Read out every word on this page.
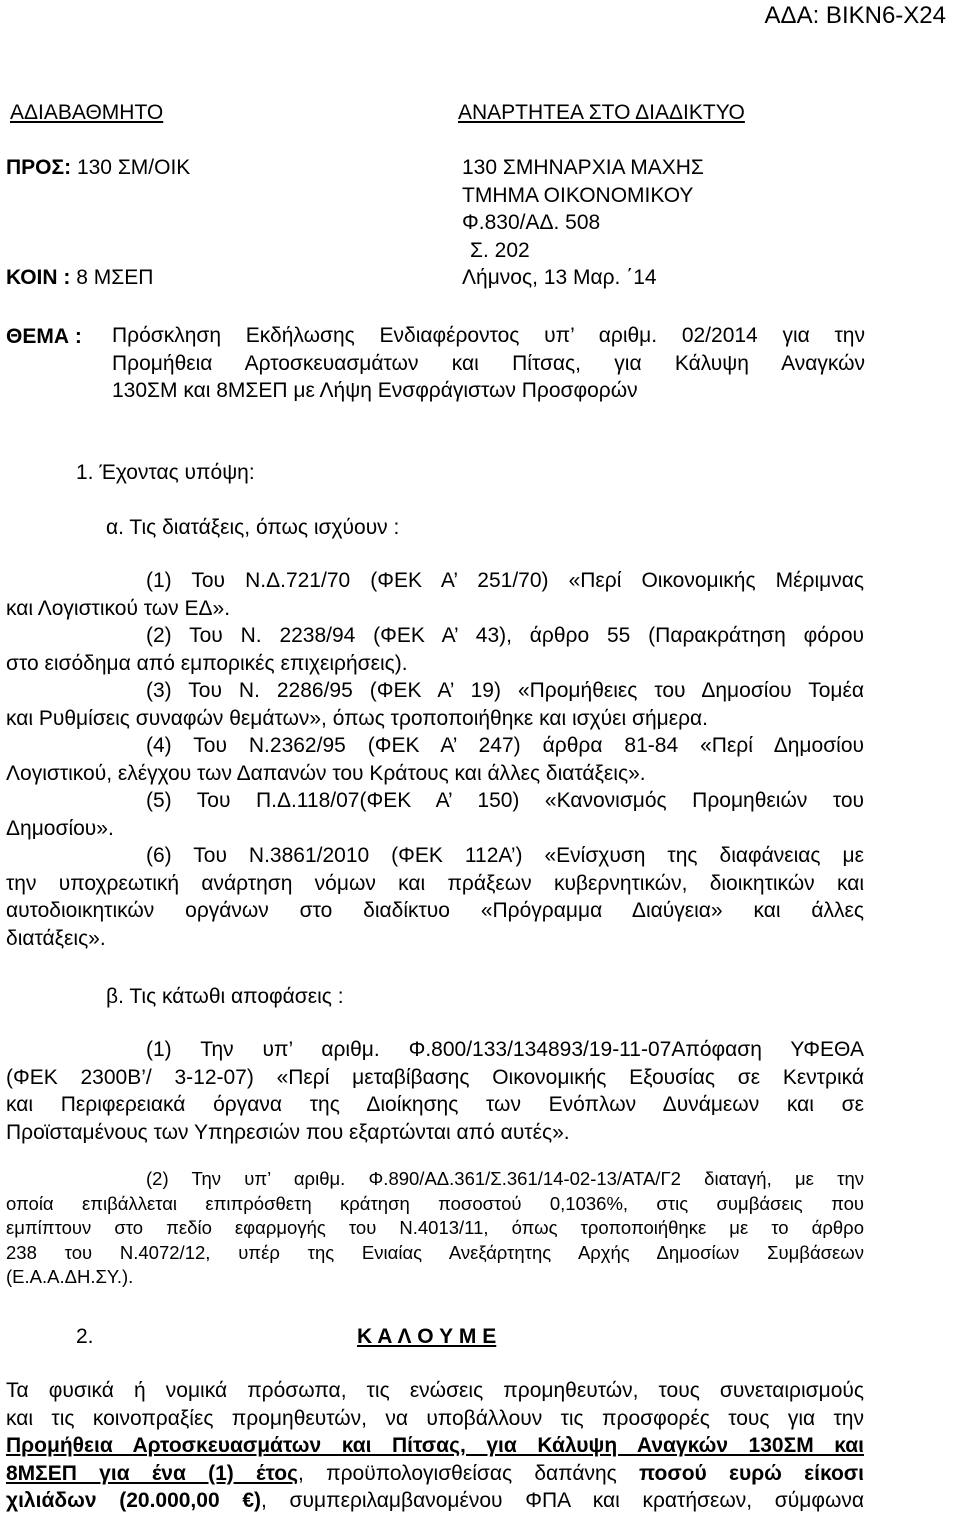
ΑΔΑ: ΒΙΚΝ6-Χ24
ΑΔΙΑΒΑΘΜΗΤΟ	ΑΝΑΡΤΗΤΕΑ ΣΤΟ ΔΙΑΔΙΚΤΥΟ
ΠΡΟΣ: 130 ΣΜ/ΟΙΚ	130 ΣΜΗΝΑΡΧΙΑ ΜΑΧΗΣ
ΤΜΗΜΑ ΟΙΚΟΝΟΜΙΚΟΥ
Φ.830/ΑΔ. 508
Σ. 202
ΚΟΙΝ : 8 ΜΣΕΠ	Λήμνος, 13 Μαρ. ΄14
ΘΕΜΑ : Πρόσκληση Εκδήλωσης Ενδιαφέροντος υπ’ αριθμ. 02/2014 για την
Προμήθεια Αρτοσκευασμάτων και Πίτσας, για Κάλυψη Αναγκών
130ΣΜ και 8ΜΣΕΠ με Λήψη Ενσφράγιστων Προσφορών
1. Έχοντας υπόψη:
α. Τις διατάξεις, όπως ισχύουν :
(1) Του Ν.Δ.721/70 (ΦΕΚ Α’ 251/70) «Περί Οικονομικής Μέριμνας
και Λογιστικού των ΕΔ».
(2) Του Ν. 2238/94 (ΦΕΚ Α’ 43), άρθρο 55 (Παρακράτηση φόρου
στο εισόδημα από εμπορικές επιχειρήσεις).
(3) Του Ν. 2286/95 (ΦΕΚ Α’ 19) «Προμήθειες του Δημοσίου Τομέα
και Ρυθμίσεις συναφών θεμάτων», όπως τροποποιήθηκε και ισχύει σήμερα.
(4) Του Ν.2362/95 (ΦΕΚ Α’ 247) άρθρα 81-84 «Περί Δημοσίου
Λογιστικού, ελέγχου των Δαπανών του Κράτους και άλλες διατάξεις».
(5) Του Π.Δ.118/07(ΦΕΚ Α’ 150) «Κανονισμός Προμηθειών του
Δημοσίου».
(6) Του Ν.3861/2010 (ΦΕΚ 112Α’) «Ενίσχυση της διαφάνειας με
την υποχρεωτική ανάρτηση νόμων και πράξεων κυβερνητικών, διοικητικών και
αυτοδιοικητικών οργάνων στο διαδίκτυο «Πρόγραμμα Διαύγεια» και άλλες
διατάξεις».
β. Τις κάτωθι αποφάσεις :
(1) Την υπ’ αριθμ. Φ.800/133/134893/19-11-07Απόφαση ΥΦΕΘΑ
(ΦΕΚ 2300Β’/ 3-12-07) «Περί μεταβίβασης Οικονομικής Εξουσίας σε Κεντρικά
και Περιφερειακά όργανα της Διοίκησης των Ενόπλων Δυνάμεων και σε
Προϊσταμένους των Υπηρεσιών που εξαρτώνται από αυτές».
(2) Την υπ’ αριθμ. Φ.890/ΑΔ.361/Σ.361/14-02-13/ΑΤΑ/Γ2 διαταγή, με την
οποία επιβάλλεται επιπρόσθετη κράτηση ποσοστού 0,1036%, στις συμβάσεις που
εμπίπτουν στο πεδίο εφαρμογής του Ν.4013/11, όπως τροποποιήθηκε με το άρθρο
238 του Ν.4072/12, υπέρ της Ενιαίας Ανεξάρτητης Αρχής Δημοσίων Συμβάσεων
(Ε.Α.Α.ΔΗ.ΣΥ.).
2.	Κ Α Λ Ο Υ Μ Ε
Τα φυσικά ή νομικά πρόσωπα, τις ενώσεις προμηθευτών, τους συνεταιρισμούς
και τις κοινοπραξίες προμηθευτών, να υποβάλλουν τις προσφορές τους για την
Προμήθεια Αρτοσκευασμάτων και Πίτσας, για Κάλυψη Αναγκών 130ΣΜ και
8ΜΣΕΠ για ένα (1) έτος, προϋπολογισθείσας δαπάνης ποσού ευρώ είκοσι
χιλιάδων (20.000,00 €), συμπεριλαμβανομένου ΦΠΑ και κρατήσεων, σύμφωνα
